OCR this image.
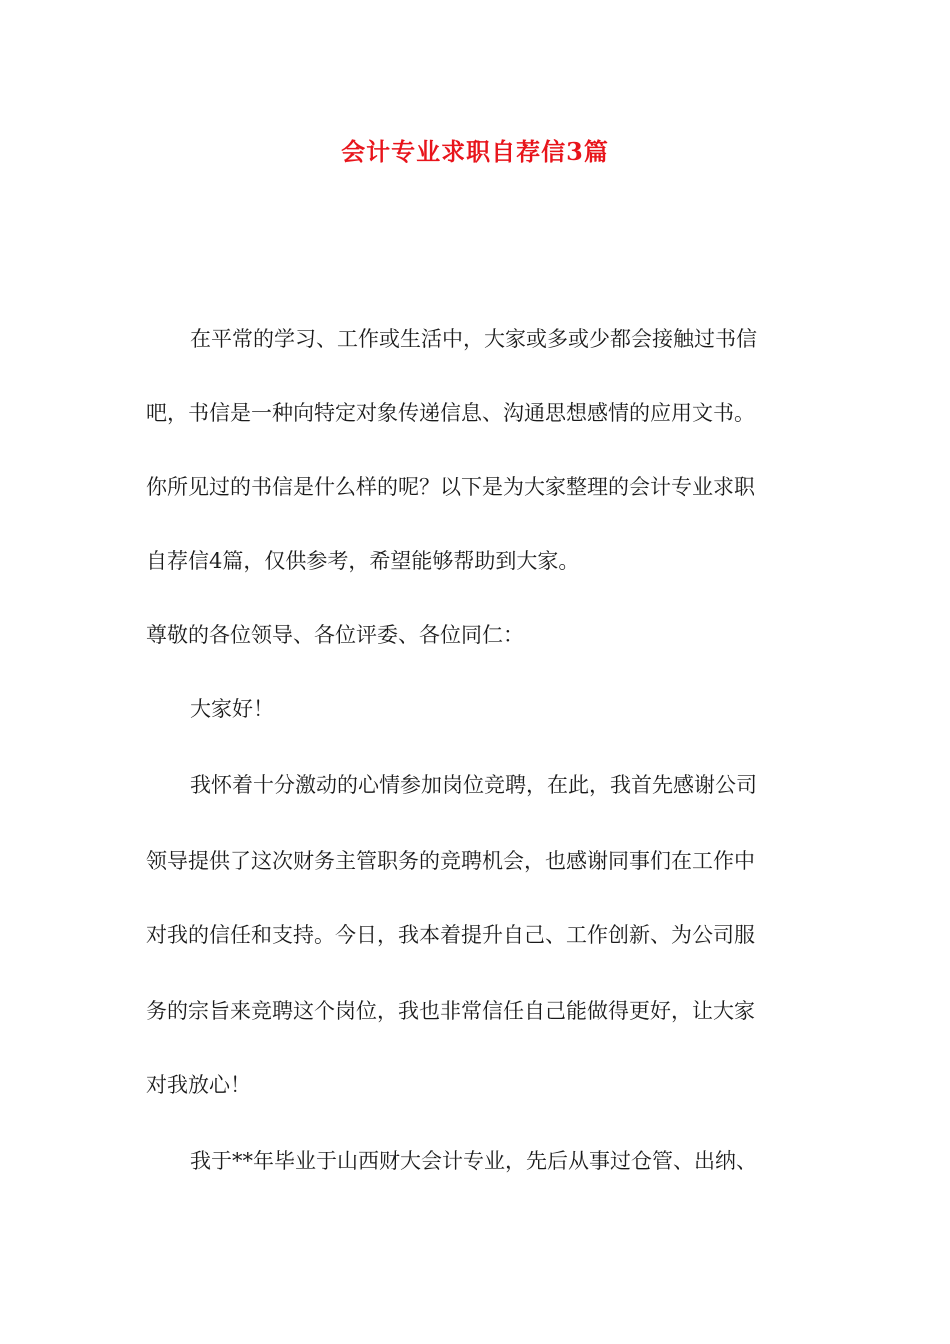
会计专业求职自荐信3篇
在平常的学习、工作或生活中，大家或多或少都会接触过书信
吧，书信是一种向特定对象传递信息、沟通思想感情的应用文书。
你所见过的书信是什么样的呢？以下是为大家整理的会计专业求职
自荐信4篇，仅供参考，希望能够帮助到大家。
尊敬的各位领导、各位评委、各位同仁：
大家好！
我怀着十分激动的心情参加岗位竞聘，在此，我首先感谢公司
领导提供了这次财务主管职务的竞聘机会，也感谢同事们在工作中
对我的信任和支持。今日，我本着提升自己、工作创新、为公司服
务的宗旨来竞聘这个岗位，我也非常信任自己能做得更好，让大家
对我放心！
我于**年毕业于山西财大会计专业，先后从事过仓管、出纳、
